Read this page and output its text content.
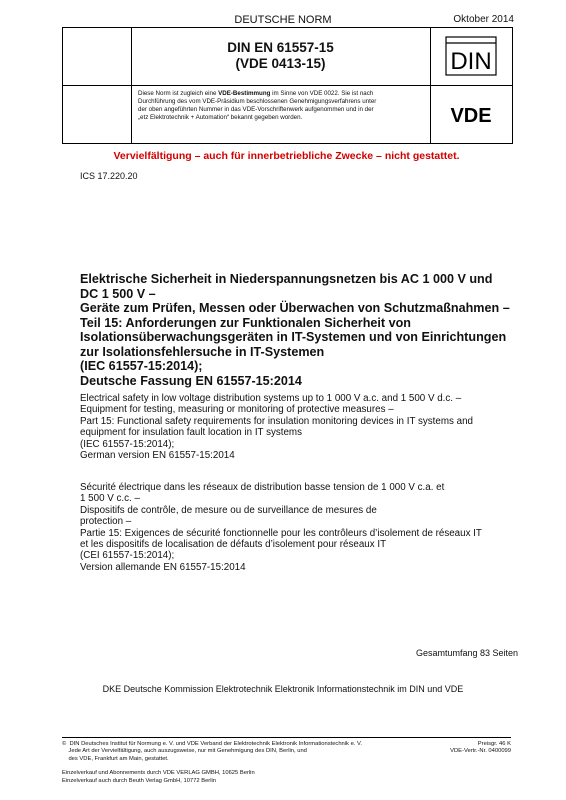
DEUTSCHE NORM	Oktober 2014
DIN EN 61557-15
(VDE 0413-15)	DIN
Diese Norm ist zugleich eine VDE-Bestimmung im Sinne von VDE 0022. Sie ist nach
Durchführung des vom VDE-Präsidium beschlossenen Genehmigungsverfahrens unter
der oben angeführten Nummer in das VDE-Vorschriftenwerk aufgenommen und in der
„etz Elektrotechnik + Automation“ bekannt gegeben worden.	VDE
Vervielfältigung – auch für innerbetriebliche Zwecke – nicht gestattet.
ICS 17.220.20
Elektrische Sicherheit in Niederspannungsnetzen bis AC 1 000 V und
DC 1 500 V –
Geräte zum Prüfen, Messen oder Überwachen von Schutzmaßnahmen –
Teil 15: Anforderungen zur Funktionalen Sicherheit von
Isolationsüberwachungsgeräten in IT-Systemen und von Einrichtungen
zur Isolationsfehlersuche in IT-Systemen
(IEC 61557-15:2014);
Deutsche Fassung EN 61557-15:2014
Electrical safety in low voltage distribution systems up to 1 000 V a.c. and 1 500 V d.c. –
Equipment for testing, measuring or monitoring of protective measures –
Part 15: Functional safety requirements for insulation monitoring devices in IT systems and
equipment for insulation fault location in IT systems
(IEC 61557-15:2014);
German version EN 61557-15:2014
Sécurité électrique dans les réseaux de distribution basse tension de 1 000 V c.a. et
1 500 V c.c. –
Dispositifs de contrôle, de mesure ou de surveillance de mesures de
protection –
Partie 15: Exigences de sécurité fonctionnelle pour les contrôleurs d’isolement de réseaux IT
et les dispositifs de localisation de défauts d’isolement pour réseaux IT
(CEI 61557-15:2014);
Version allemande EN 61557-15:2014
Gesamtumfang 83 Seiten
DKE Deutsche Kommission Elektrotechnik Elektronik Informationstechnik im DIN und VDE
©  DIN Deutsches Institut für Normung e. V. und VDE Verband der Elektrotechnik Elektronik Informationstechnik e. V.
Jede Art der Vervielfältigung, auch auszugsweise, nur mit Genehmigung des DIN, Berlin, und
des VDE, Frankfurt am Main, gestattet.
Preisgr. 46 K
VDE-Vertr.-Nr. 0400099
Einzelverkauf und Abonnements durch VDE VERLAG GMBH, 10625 Berlin
Einzelverkauf auch durch Beuth Verlag GmbH, 10772 Berlin
